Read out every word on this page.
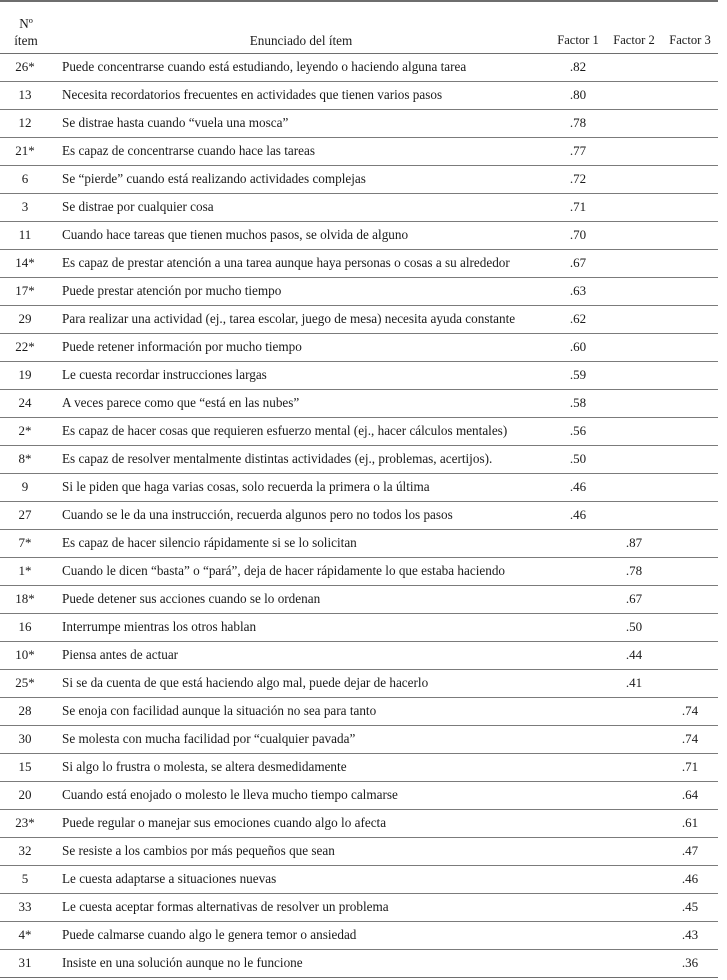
Nº
ítem	Enunciado del ítem	Factor 1	Factor 2	Factor 3
26*	Puede concentrarse cuando está estudiando, leyendo o haciendo alguna tarea	.82		
13	Necesita recordatorios frecuentes en actividades que tienen varios pasos	.80		
12	Se distrae hasta cuando “vuela una mosca”	.78		
21*	Es capaz de concentrarse cuando hace las tareas	.77		
6	Se “pierde” cuando está realizando actividades complejas	.72		
3	Se distrae por cualquier cosa	.71		
11	Cuando hace tareas que tienen muchos pasos, se olvida de alguno	.70		
14*	Es capaz de prestar atención a una tarea aunque haya personas o cosas a su alrededor	.67		
17*	Puede prestar atención por mucho tiempo	.63		
29	Para realizar una actividad (ej., tarea escolar, juego de mesa) necesita ayuda constante	.62		
22*	Puede retener información por mucho tiempo	.60		
19	Le cuesta recordar instrucciones largas	.59		
24	A veces parece como que “está en las nubes”	.58		
2*	Es capaz de hacer cosas que requieren esfuerzo mental (ej., hacer cálculos mentales)	.56		
8*	Es capaz de resolver mentalmente distintas actividades (ej., problemas, acertijos).	.50		
9	Si le piden que haga varias cosas, solo recuerda la primera o la última	.46		
27	Cuando se le da una instrucción, recuerda algunos pero no todos los pasos	.46		
7*	Es capaz de hacer silencio rápidamente si se lo solicitan		.87	
1*	Cuando le dicen “basta” o “pará”, deja de hacer rápidamente lo que estaba haciendo		.78	
18*	Puede detener sus acciones cuando se lo ordenan		.67	
16	Interrumpe mientras los otros hablan		.50	
10*	Piensa antes de actuar		.44	
25*	Si se da cuenta de que está haciendo algo mal, puede dejar de hacerlo		.41	
28	Se enoja con facilidad aunque la situación no sea para tanto			.74
30	Se molesta con mucha facilidad por “cualquier pavada”			.74
15	Si algo lo frustra o molesta, se altera desmedidamente			.71
20	Cuando está enojado o molesto le lleva mucho tiempo calmarse			.64
23*	Puede regular o manejar sus emociones cuando algo lo afecta			.61
32	Se resiste a los cambios por más pequeños que sean			.47
5	Le cuesta adaptarse a situaciones nuevas			.46
33	Le cuesta aceptar formas alternativas de resolver un problema			.45
4*	Puede calmarse cuando algo le genera temor o ansiedad			.43
31	Insiste en una solución aunque no le funcione			.36
